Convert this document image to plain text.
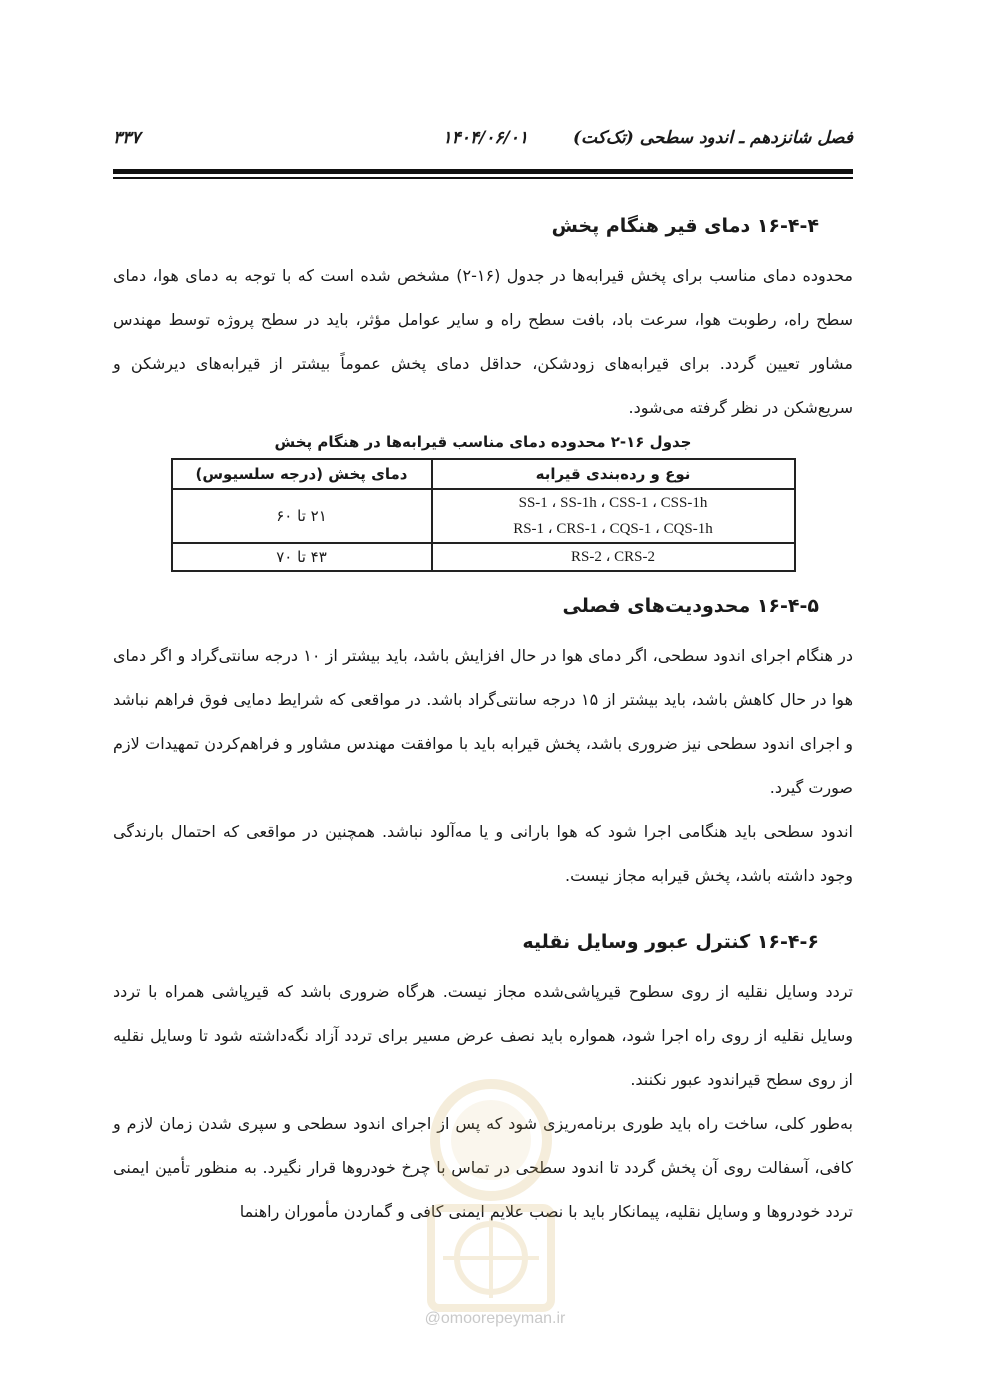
فصل شانزدهم ـ اندود سطحی (تک‌کت)
۱۴۰۴/۰۶/۰۱
۳۳۷
۱۶-۴-۴ دمای قیر هنگام پخش

محدوده دمای مناسب برای پخش قیرابه‌ها در جدول (۱۶-۲) مشخص شده است که با توجه به دمای هوا، دمای سطح راه، رطوبت هوا، سرعت باد، بافت سطح راه و سایر عوامل مؤثر، باید در سطح پروژه توسط مهندس مشاور تعیین گردد. برای قیرابه‌های زودشکن، حداقل دمای پخش عموماً بیشتر از قیرابه‌های دیرشکن و سریع‌شکن در نظر گرفته می‌شود.

جدول ۱۶-۲ محدوده دمای مناسب قیرابه‌ها در هنگام پخش
نوع و رده‌بندی قیرابه	دمای پخش (درجه سلسیوس)

SS-1 ، SS-1h ، CSS-1 ، CSS-1h
RS-1 ، CRS-1 ، CQS-1 ، CQS-1h	۲۱ تا ۶۰

RS-2 ، CRS-2	۴۳ تا ۷۰
۱۶-۴-۵ محدودیت‌های فصلی

در هنگام اجرای اندود سطحی، اگر دمای هوا در حال افزایش باشد، باید بیشتر از ۱۰ درجه سانتی‌گراد و اگر دمای هوا در حال کاهش باشد، باید بیشتر از ۱۵ درجه سانتی‌گراد باشد. در مواقعی که شرایط دمایی فوق فراهم نباشد و اجرای اندود سطحی نیز ضروری باشد، پخش قیرابه باید با موافقت مهندس مشاور و فراهم‌کردن تمهیدات لازم صورت گیرد.

اندود سطحی باید هنگامی اجرا شود که هوا بارانی و یا مه‌آلود نباشد. همچنین در مواقعی که احتمال بارندگی وجود داشته باشد، پخش قیرابه مجاز نیست.

۱۶-۴-۶ کنترل عبور وسایل نقلیه

تردد وسایل نقلیه از روی سطوح قیرپاشی‌شده مجاز نیست. هرگاه ضروری باشد که قیرپاشی همراه با تردد وسایل نقلیه از روی راه اجرا شود، همواره باید نصف عرض مسیر برای تردد آزاد نگه‌داشته شود تا وسایل نقلیه از روی سطح قیراندود عبور نکنند.

به‌طور کلی، ساخت راه باید طوری برنامه‌ریزی شود که پس از اجرای اندود سطحی و سپری شدن زمان لازم و کافی، آسفالت روی آن پخش گردد تا اندود سطحی در تماس با چرخ خودروها قرار نگیرد. به منظور تأمین ایمنی تردد خودروها و وسایل نقلیه، پیمانکار باید با نصب علایم ایمنی کافی و گماردن مأموران راهنما

@omoorepeyman.ir
